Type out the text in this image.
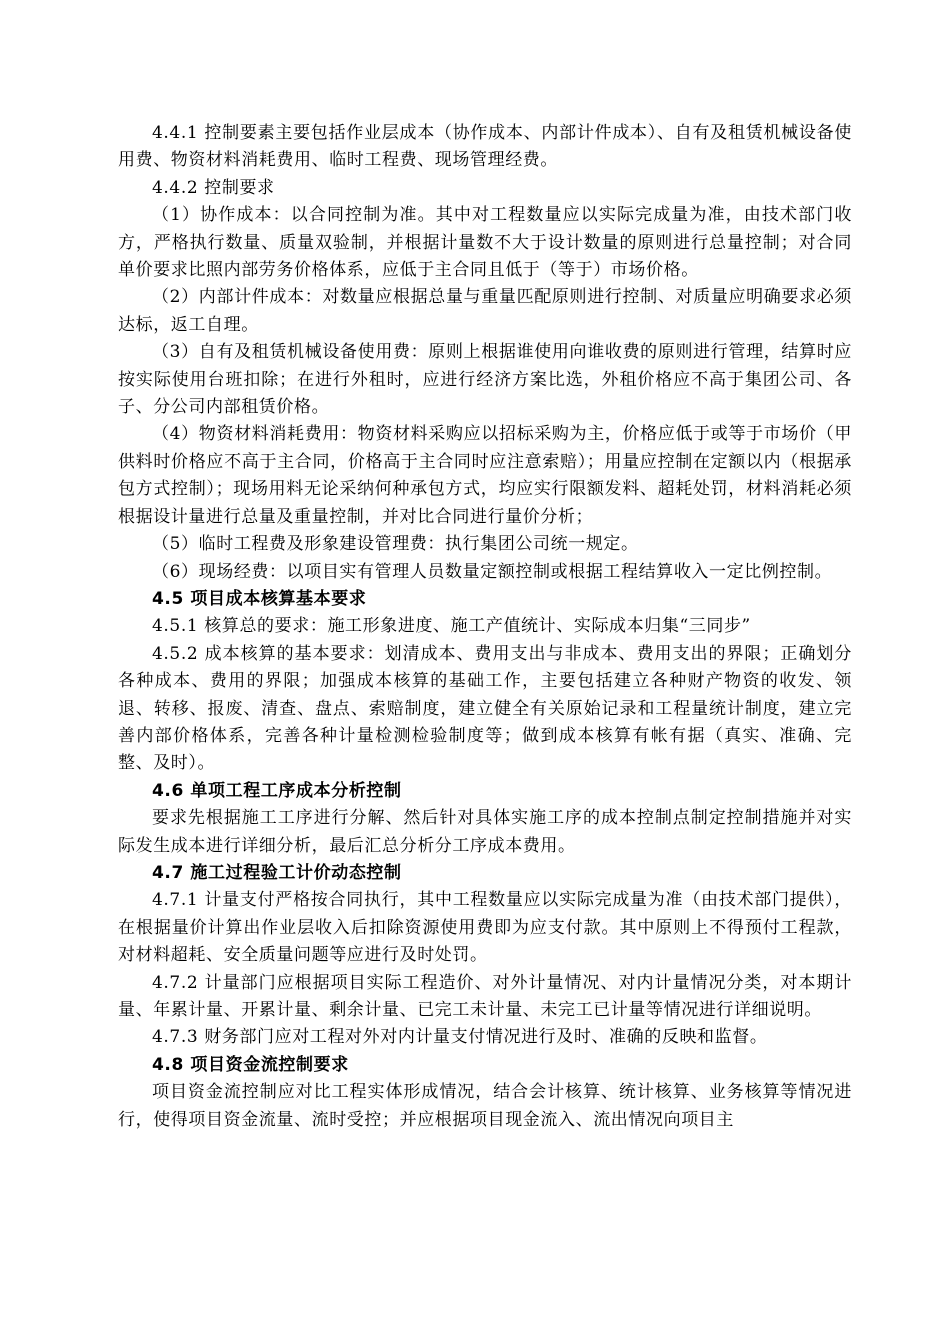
4.4.1 控制要素主要包括作业层成本（协作成本、内部计件成本）、自有及租赁机械设备使用费、物资材料消耗费用、临时工程费、现场管理经费。

4.4.2 控制要求

（1）协作成本：以合同控制为准。其中对工程数量应以实际完成量为准，由技术部门收方，严格执行数量、质量双验制，并根据计量数不大于设计数量的原则进行总量控制；对合同单价要求比照内部劳务价格体系，应低于主合同且低于（等于）市场价格。

（2）内部计件成本：对数量应根据总量与重量匹配原则进行控制、对质量应明确要求必须达标，返工自理。

（3）自有及租赁机械设备使用费：原则上根据谁使用向谁收费的原则进行管理，结算时应按实际使用台班扣除；在进行外租时，应进行经济方案比选，外租价格应不高于集团公司、各子、分公司内部租赁价格。

（4）物资材料消耗费用：物资材料采购应以招标采购为主，价格应低于或等于市场价（甲供料时价格应不高于主合同，价格高于主合同时应注意索赔）；用量应控制在定额以内（根据承包方式控制）；现场用料无论采纳何种承包方式，均应实行限额发料、超耗处罚，材料消耗必须根据设计量进行总量及重量控制，并对比合同进行量价分析；

（5）临时工程费及形象建设管理费：执行集团公司统一规定。

（6）现场经费：以项目实有管理人员数量定额控制或根据工程结算收入一定比例控制。

4.5 项目成本核算基本要求

4.5.1 核算总的要求：施工形象进度、施工产值统计、实际成本归集“三同步”

4.5.2 成本核算的基本要求：划清成本、费用支出与非成本、费用支出的界限；正确划分各种成本、费用的界限；加强成本核算的基础工作，主要包括建立各种财产物资的收发、领退、转移、报废、清查、盘点、索赔制度，建立健全有关原始记录和工程量统计制度，建立完善内部价格体系，完善各种计量检测检验制度等；做到成本核算有帐有据（真实、准确、完整、及时）。

4.6 单项工程工序成本分析控制

要求先根据施工工序进行分解、然后针对具体实施工序的成本控制点制定控制措施并对实际发生成本进行详细分析，最后汇总分析分工序成本费用。

4.7 施工过程验工计价动态控制

4.7.1 计量支付严格按合同执行，其中工程数量应以实际完成量为准（由技术部门提供），在根据量价计算出作业层收入后扣除资源使用费即为应支付款。其中原则上不得预付工程款，对材料超耗、安全质量问题等应进行及时处罚。

4.7.2 计量部门应根据项目实际工程造价、对外计量情况、对内计量情况分类，对本期计量、年累计量、开累计量、剩余计量、已完工未计量、未完工已计量等情况进行详细说明。

4.7.3 财务部门应对工程对外对内计量支付情况进行及时、准确的反映和监督。

4.8 项目资金流控制要求

项目资金流控制应对比工程实体形成情况，结合会计核算、统计核算、业务核算等情况进行，使得项目资金流量、流时受控；并应根据项目现金流入、流出情况向项目主
